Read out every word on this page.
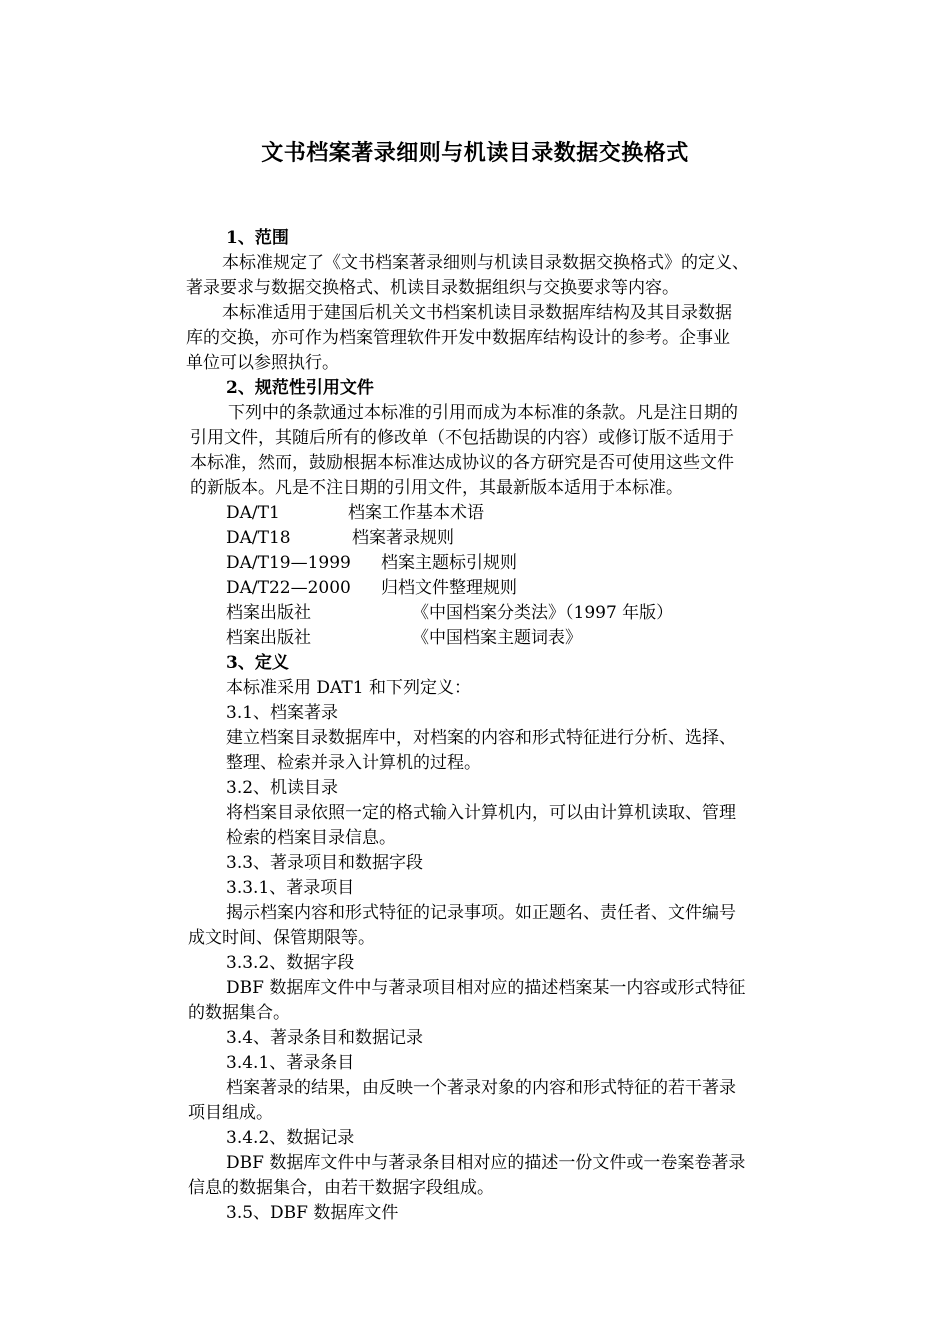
文书档案著录细则与机读目录数据交换格式
1、范围
本标准规定了《文书档案著录细则与机读目录数据交换格式》的定义、
著录要求与数据交换格式、机读目录数据组织与交换要求等内容。
本标准适用于建国后机关文书档案机读目录数据库结构及其目录数据
库的交换，亦可作为档案管理软件开发中数据库结构设计的参考。企事业
单位可以参照执行。
2、规范性引用文件
下列中的条款通过本标准的引用而成为本标准的条款。凡是注日期的
引用文件，其随后所有的修改单（不包括勘误的内容）或修订版不适用于
本标准，然而，鼓励根据本标准达成协议的各方研究是否可使用这些文件
的新版本。凡是不注日期的引用文件，其最新版本适用于本标准。
DA/T1	档案工作基本术语
DA/T18	档案著录规则
DA/T19—1999 档案主题标引规则
DA/T22—2000 归档文件整理规则
档案出版社	《中国档案分类法》（1997 年版）
档案出版社	《中国档案主题词表》
3、定义
本标准采用 DAT1 和下列定义：
3.1、档案著录
建立档案目录数据库中，对档案的内容和形式特征进行分析、选择、
整理、检索并录入计算机的过程。
3.2、机读目录
将档案目录依照一定的格式输入计算机内，可以由计算机读取、管理
检索的档案目录信息。
3.3、著录项目和数据字段
3.3.1、著录项目
揭示档案内容和形式特征的记录事项。如正题名、责任者、文件编号
成文时间、保管期限等。
3.3.2、数据字段
DBF 数据库文件中与著录项目相对应的描述档案某一内容或形式特征
的数据集合。
3.4、著录条目和数据记录
3.4.1、著录条目
档案著录的结果，由反映一个著录对象的内容和形式特征的若干著录
项目组成。
3.4.2、数据记录
DBF 数据库文件中与著录条目相对应的描述一份文件或一卷案卷著录
信息的数据集合，由若干数据字段组成。
3.5、DBF 数据库文件
